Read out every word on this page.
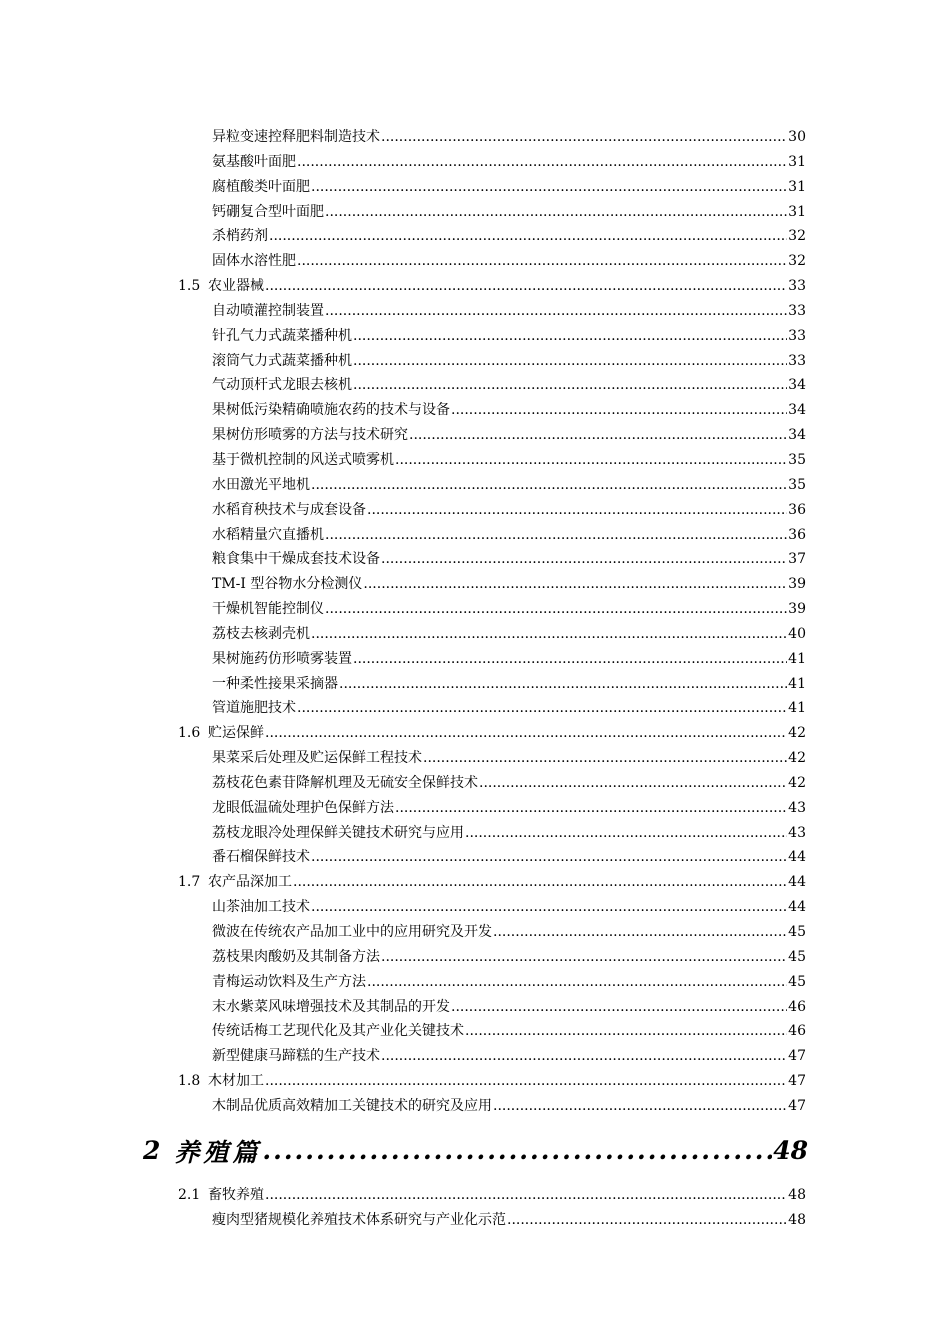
异粒变速控释肥料制造技术 .....	30
氨基酸叶面肥 .....	31
腐植酸类叶面肥 .....	31
钙硼复合型叶面肥 .....	31
杀梢药剂 .....	32
固体水溶性肥 .....	32
1.5 农业器械 .....	33
自动喷灌控制装置 .....	33
针孔气力式蔬菜播种机 .....	33
滚筒气力式蔬菜播种机 .....	33
气动顶杆式龙眼去核机 .....	34
果树低污染精确喷施农药的技术与设备 .....	34
果树仿形喷雾的方法与技术研究 .....	34
基于微机控制的风送式喷雾机 .....	35
水田激光平地机 .....	35
水稻育秧技术与成套设备 .....	36
水稻精量穴直播机 .....	36
粮食集中干燥成套技术设备 .....	37
TM-I 型谷物水分检测仪 .....	39
干燥机智能控制仪 .....	39
荔枝去核剥壳机 .....	40
果树施药仿形喷雾装置 .....	41
一种柔性接果采摘器 .....	41
管道施肥技术 .....	41
1.6 贮运保鲜 .....	42
果菜采后处理及贮运保鲜工程技术 .....	42
荔枝花色素苷降解机理及无硫安全保鲜技术 .....	42
龙眼低温硫处理护色保鲜方法 .....	43
荔枝龙眼冷处理保鲜关键技术研究与应用 .....	43
番石榴保鲜技术 .....	44
1.7 农产品深加工 .....	44
山茶油加工技术 .....	44
微波在传统农产品加工业中的应用研究及开发 .....	45
荔枝果肉酸奶及其制备方法 .....	45
青梅运动饮料及生产方法 .....	45
末水紫菜风味增强技术及其制品的开发 .....	46
传统话梅工艺现代化及其产业化关键技术 .....	46
新型健康马蹄糕的生产技术 .....	47
1.8 木材加工 .....	47
木制品优质高效精加工关键技术的研究及应用 .....	47
2 养殖篇 .....	48
2.1 畜牧养殖 .....	48
瘦肉型猪规模化养殖技术体系研究与产业化示范 .....	48
